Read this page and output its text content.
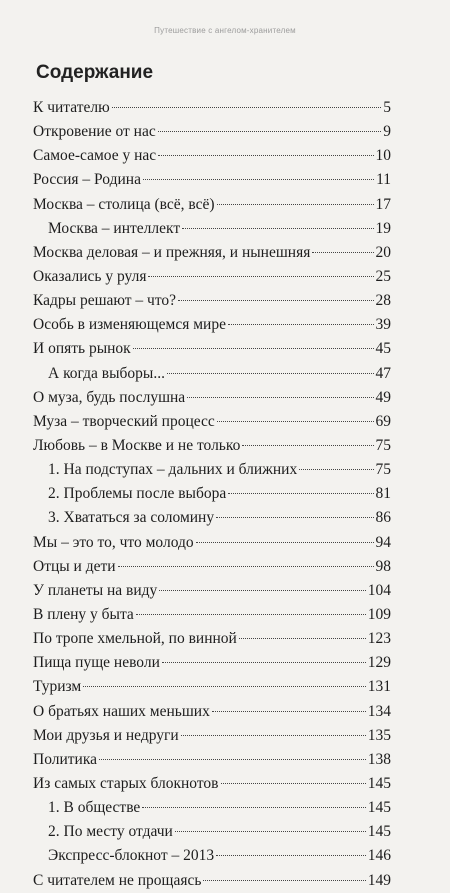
Путешествие с ангелом-хранителем
Содержание
К читателю	5
Откровение от нас	9
Самое-самое у нас	10
Россия – Родина	11
Москва – столица (всё, всё)	17
Москва – интеллект	19
Москва деловая – и прежняя, и нынешняя	20
Оказались у руля	25
Кадры решают – что?	28
Особь в изменяющемся мире	39
И опять рынок	45
А когда выборы...	47
О муза, будь послушна	49
Муза – творческий процесс	69
Любовь – в Москве и не только	75
1. На подступах – дальних и ближних	75
2. Проблемы после выбора	81
3. Хвататься за соломину	86
Мы – это то, что молодо	94
Отцы и дети	98
У планеты на виду	104
В плену у быта	109
По тропе хмельной, по винной	123
Пища пуще неволи	129
Туризм	131
О братьях наших меньших	134
Мои друзья и недруги	135
Политика	138
Из самых старых блокнотов	145
1. В обществе	145
2. По месту отдачи	145
Экспресс-блокнот – 2013	146
С читателем не прощаясь	149
